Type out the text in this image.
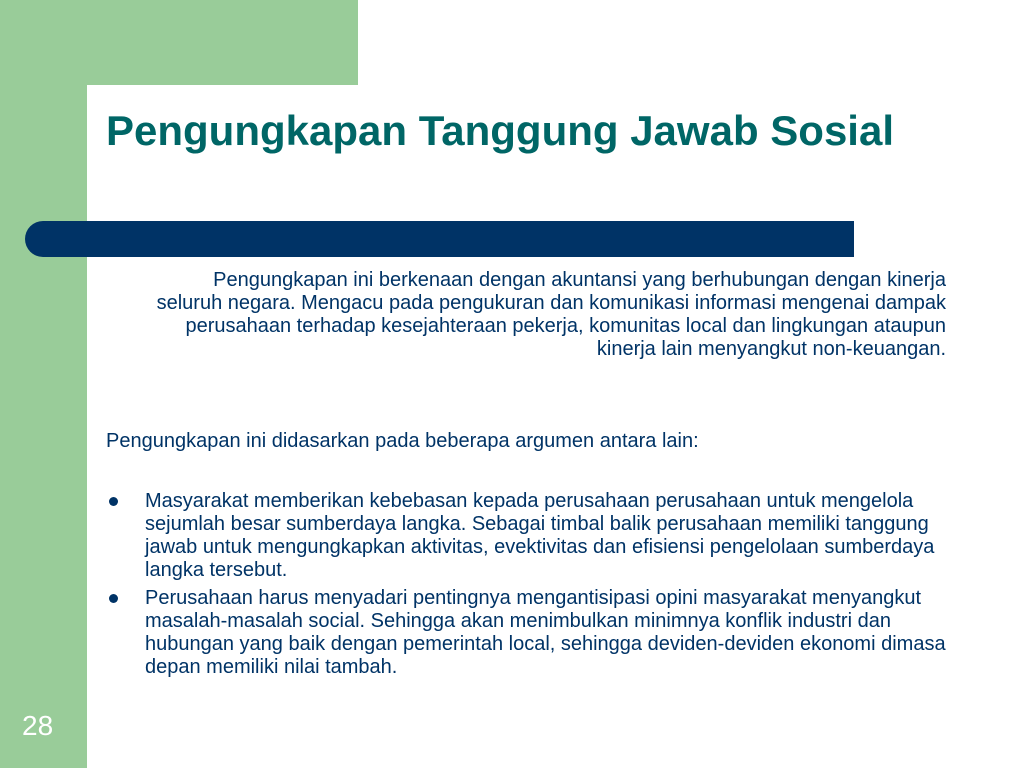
Pengungkapan Tanggung Jawab Sosial

Pengungkapan ini berkenaan dengan akuntansi yang berhubungan dengan kinerja seluruh negara. Mengacu pada pengukuran dan komunikasi informasi mengenai dampak perusahaan terhadap kesejahteraan pekerja, komunitas local dan lingkungan ataupun kinerja lain menyangkut non-keuangan.

Pengungkapan ini didasarkan pada beberapa argumen antara lain:

Masyarakat memberikan kebebasan kepada perusahaan perusahaan untuk mengelola sejumlah besar sumberdaya langka. Sebagai timbal balik perusahaan memiliki tanggung jawab untuk mengungkapkan aktivitas, evektivitas dan efisiensi pengelolaan sumberdaya langka tersebut.
Perusahaan harus menyadari pentingnya mengantisipasi opini masyarakat menyangkut masalah-masalah social. Sehingga akan menimbulkan minimnya konflik industri dan hubungan yang baik dengan pemerintah local, sehingga deviden-deviden ekonomi dimasa depan memiliki nilai tambah.
28
